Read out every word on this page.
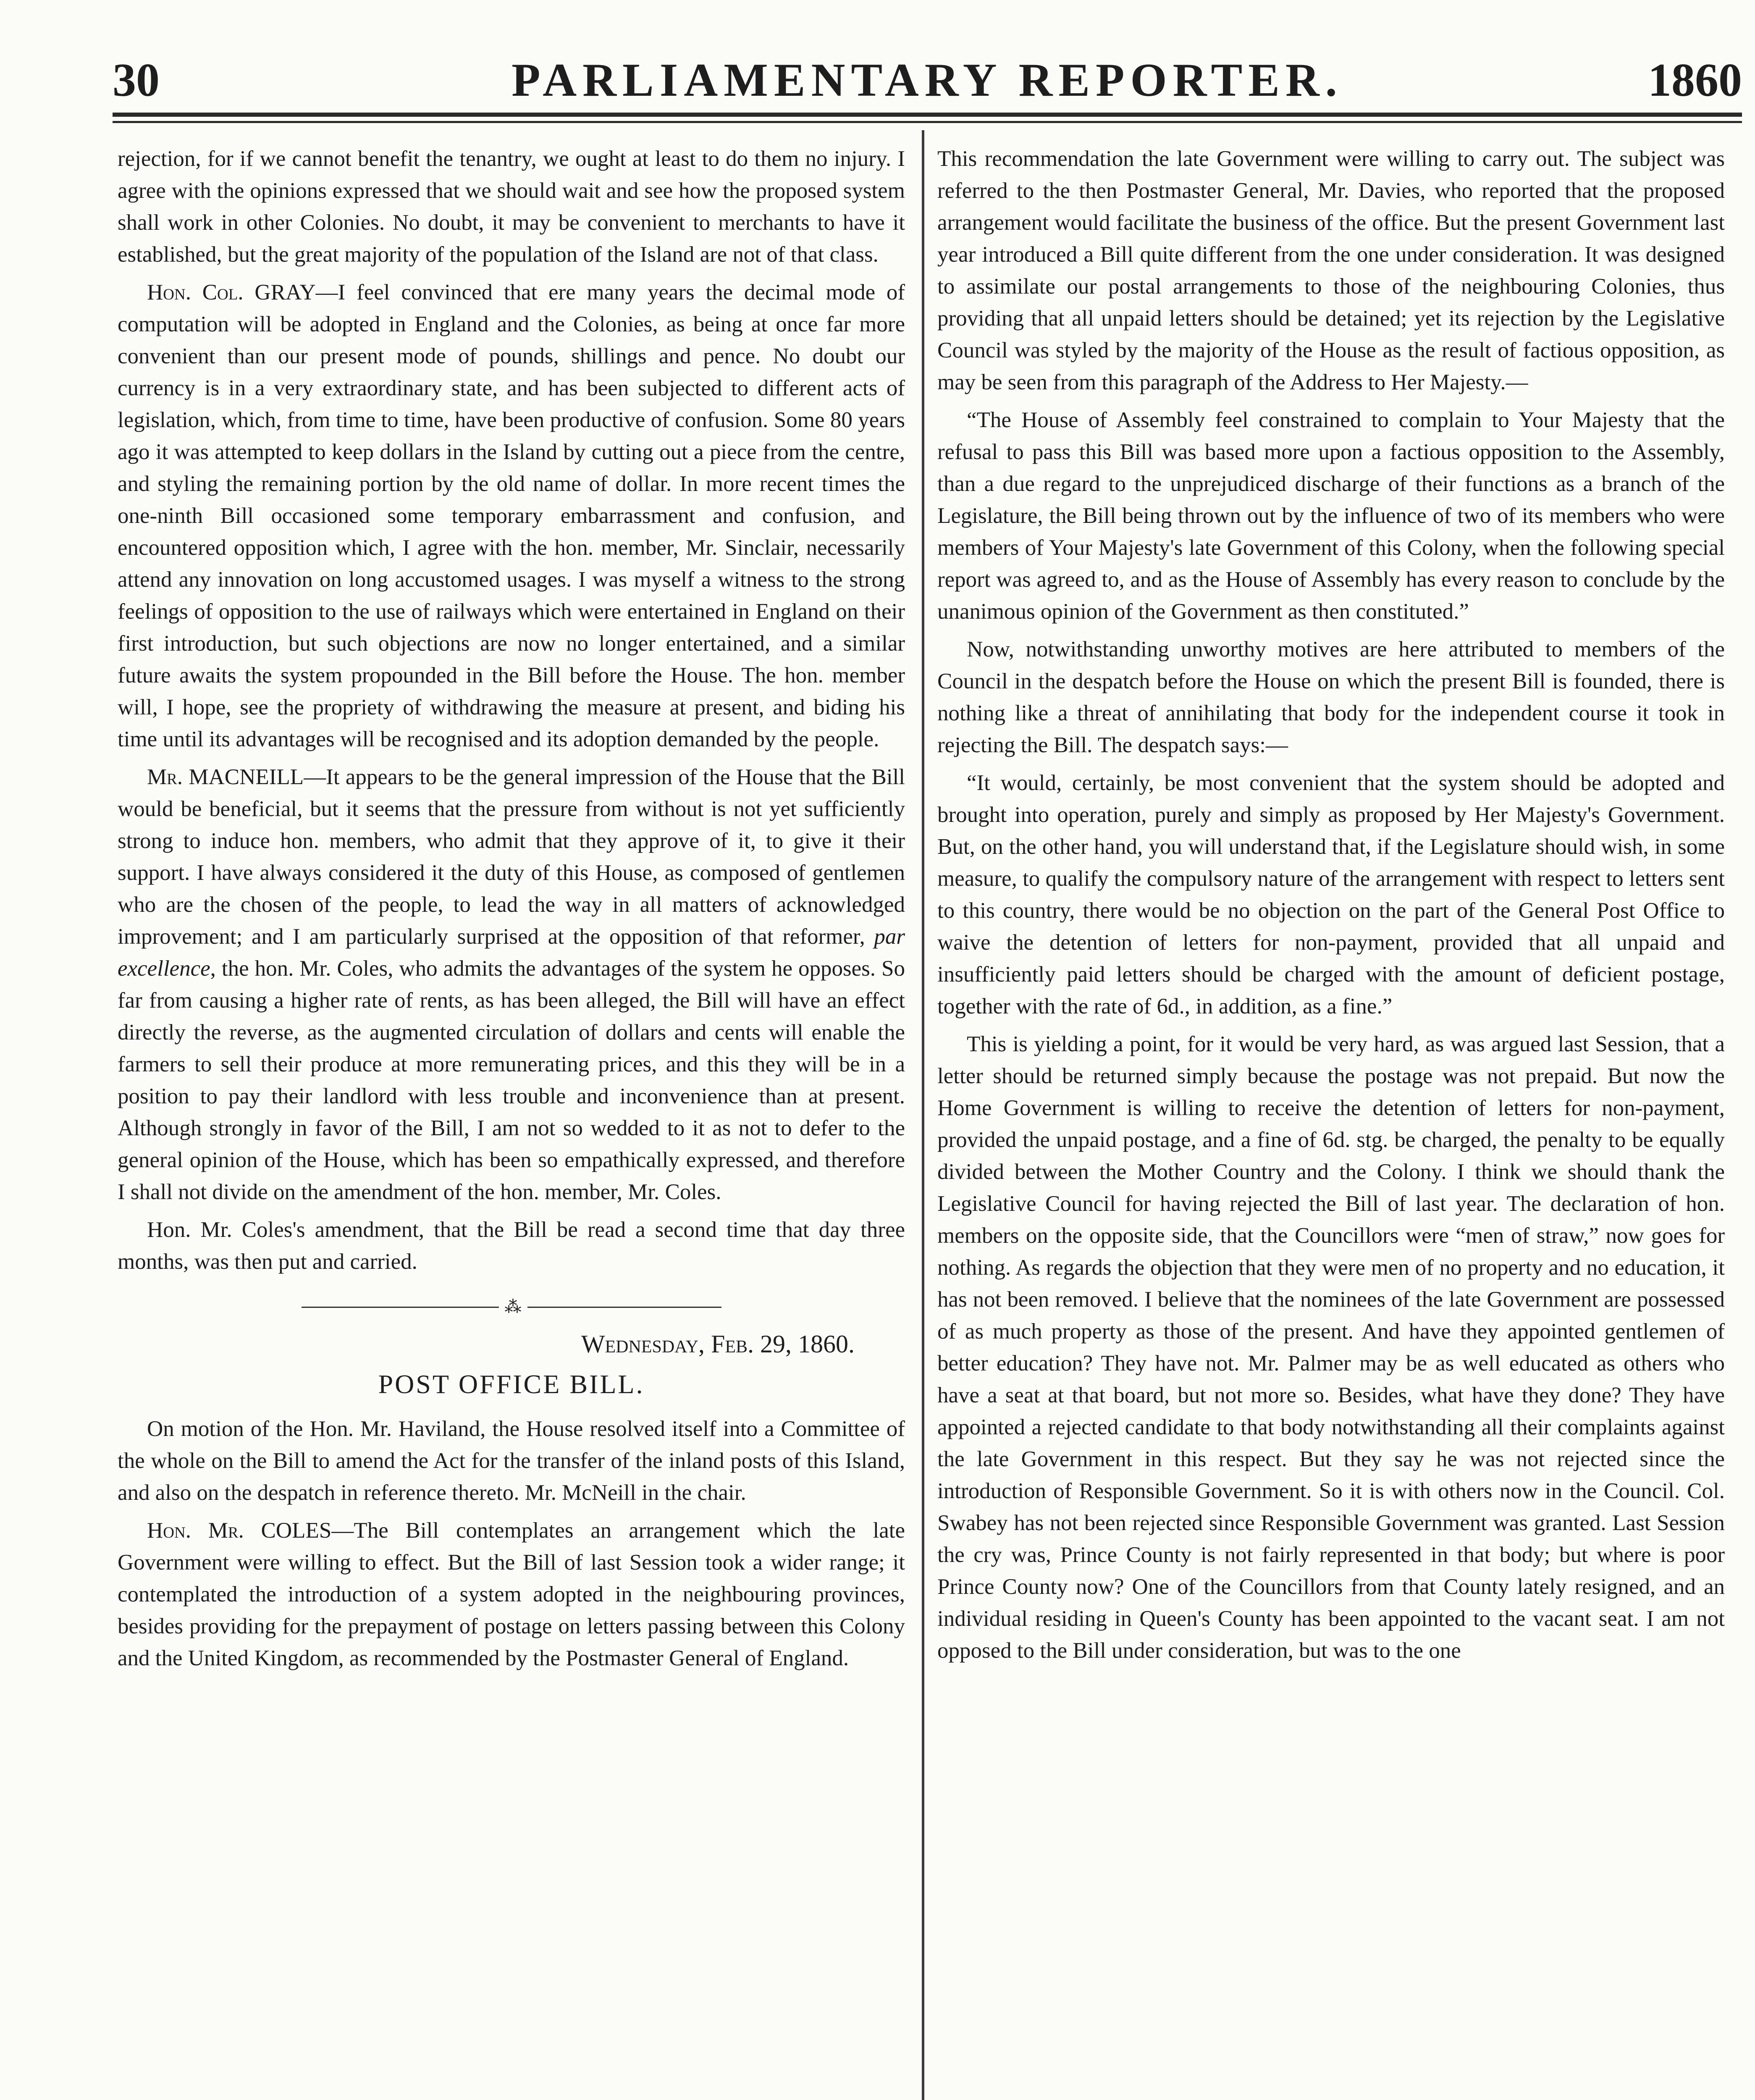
30	PARLIAMENTARY REPORTER.	1860

rejection, for if we cannot benefit the tenantry, we ought at least to do them no injury. I agree with the opinions expressed that we should wait and see how the proposed system shall work in other Colonies. No doubt, it may be convenient to merchants to have it established, but the great majority of the population of the Island are not of that class.

Hon. Col. GRAY—I feel convinced that ere many years the decimal mode of computation will be adopted in England and the Colonies, as being at once far more convenient than our present mode of pounds, shillings and pence. No doubt our currency is in a very extraordinary state, and has been subjected to different acts of legislation, which, from time to time, have been productive of confusion. Some 80 years ago it was attempted to keep dollars in the Island by cutting out a piece from the centre, and styling the remaining portion by the old name of dollar. In more recent times the one-ninth Bill occasioned some temporary embarrassment and confusion, and encountered opposition which, I agree with the hon. member, Mr. Sinclair, necessarily attend any innovation on long accustomed usages. I was myself a witness to the strong feelings of opposition to the use of railways which were entertained in England on their first introduction, but such objections are now no longer entertained, and a similar future awaits the system propounded in the Bill before the House. The hon. member will, I hope, see the propriety of withdrawing the measure at present, and biding his time until its advantages will be recognised and its adoption demanded by the people.

Mr. MACNEILL—It appears to be the general impression of the House that the Bill would be beneficial, but it seems that the pressure from without is not yet sufficiently strong to induce hon. members, who admit that they approve of it, to give it their support. I have always considered it the duty of this House, as composed of gentlemen who are the chosen of the people, to lead the way in all matters of acknowledged improvement; and I am particularly surprised at the opposition of that reformer, par excellence, the hon. Mr. Coles, who admits the advantages of the system he opposes. So far from causing a higher rate of rents, as has been alleged, the Bill will have an effect directly the reverse, as the augmented circulation of dollars and cents will enable the farmers to sell their produce at more remunerating prices, and this they will be in a position to pay their landlord with less trouble and inconvenience than at present. Although strongly in favor of the Bill, I am not so wedded to it as not to defer to the general opinion of the House, which has been so empathically expressed, and therefore I shall not divide on the amendment of the hon. member, Mr. Coles.

Hon. Mr. Coles's amendment, that the Bill be read a second time that day three months, was then put and carried.

⁂

Wednesday, Feb. 29, 1860.

POST OFFICE BILL.

On motion of the Hon. Mr. Haviland, the House resolved itself into a Committee of the whole on the Bill to amend the Act for the transfer of the inland posts of this Island, and also on the despatch in reference thereto. Mr. McNeill in the chair.

Hon. Mr. COLES—The Bill contemplates an arrangement which the late Government were willing to effect. But the Bill of last Session took a wider range; it contemplated the introduction of a system adopted in the neighbouring provinces, besides providing for the prepayment of postage on letters passing between this Colony and the United Kingdom, as recommended by the Postmaster General of England.

This recommendation the late Government were willing to carry out. The subject was referred to the then Postmaster General, Mr. Davies, who reported that the proposed arrangement would facilitate the business of the office. But the present Government last year introduced a Bill quite different from the one under consideration. It was designed to assimilate our postal arrangements to those of the neighbouring Colonies, thus providing that all unpaid letters should be detained; yet its rejection by the Legislative Council was styled by the majority of the House as the result of factious opposition, as may be seen from this paragraph of the Address to Her Majesty.—

“The House of Assembly feel constrained to complain to Your Majesty that the refusal to pass this Bill was based more upon a factious opposition to the Assembly, than a due regard to the unprejudiced discharge of their functions as a branch of the Legislature, the Bill being thrown out by the influence of two of its members who were members of Your Majesty's late Government of this Colony, when the following special report was agreed to, and as the House of Assembly has every reason to conclude by the unanimous opinion of the Government as then constituted.”

Now, notwithstanding unworthy motives are here attributed to members of the Council in the despatch before the House on which the present Bill is founded, there is nothing like a threat of annihilating that body for the independent course it took in rejecting the Bill. The despatch says:—

“It would, certainly, be most convenient that the system should be adopted and brought into operation, purely and simply as proposed by Her Majesty's Government. But, on the other hand, you will understand that, if the Legislature should wish, in some measure, to qualify the compulsory nature of the arrangement with respect to letters sent to this country, there would be no objection on the part of the General Post Office to waive the detention of letters for non-payment, provided that all unpaid and insufficiently paid letters should be charged with the amount of deficient postage, together with the rate of 6d., in addition, as a fine.”

This is yielding a point, for it would be very hard, as was argued last Session, that a letter should be returned simply because the postage was not prepaid. But now the Home Government is willing to receive the detention of letters for non-payment, provided the unpaid postage, and a fine of 6d. stg. be charged, the penalty to be equally divided between the Mother Country and the Colony. I think we should thank the Legislative Council for having rejected the Bill of last year. The declaration of hon. members on the opposite side, that the Councillors were “men of straw,” now goes for nothing. As regards the objection that they were men of no property and no education, it has not been removed. I believe that the nominees of the late Government are possessed of as much property as those of the present. And have they appointed gentlemen of better education? They have not. Mr. Palmer may be as well educated as others who have a seat at that board, but not more so. Besides, what have they done? They have appointed a rejected candidate to that body notwithstanding all their complaints against the late Government in this respect. But they say he was not rejected since the introduction of Responsible Government. So it is with others now in the Council. Col. Swabey has not been rejected since Responsible Government was granted. Last Session the cry was, Prince County is not fairly represented in that body; but where is poor Prince County now? One of the Councillors from that County lately resigned, and an individual residing in Queen's County has been appointed to the vacant seat. I am not opposed to the Bill under consideration, but was to the one
